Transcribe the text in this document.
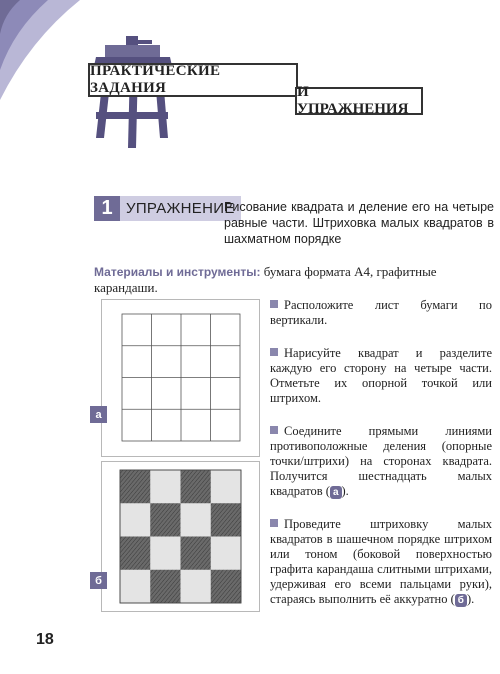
ПРАКТИЧЕСКИЕ ЗАДАНИЯ	И УПРАЖНЕНИЯ
1 УПРАЖНЕНИЕ
Рисование квадрата и деление его на четыре равные части. Штриховка малых квадратов в шахматном порядке
Материалы и инструменты: бумага формата А4, графитные карандаши.
а
б
Расположите лист бумаги по вертикали.
Нарисуйте квадрат и разделите каждую его сторону на четыре части. Отметьте их опорной точкой или штрихом.
Соедините прямыми линиями противоположные деления (опорные точки/штрихи) на сторонах квадрата. Получится шестнадцать малых квадратов ( а ).
Проведите штриховку малых квадратов в шашечном порядке штрихом или тоном (боковой поверхностью графита карандаша слитными штрихами, удерживая его всеми пальцами руки), стараясь выполнить её аккуратно ( б ).
18
